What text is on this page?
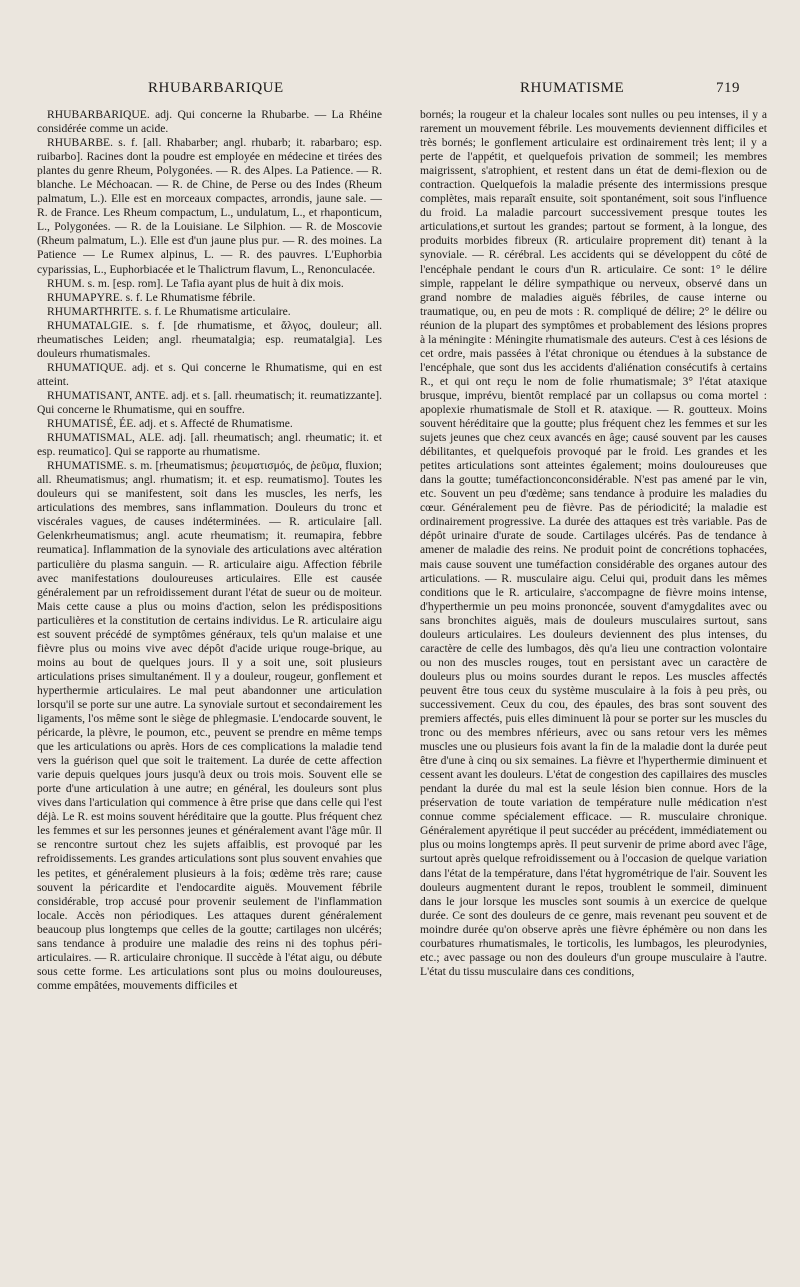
RHUBARBARIQUE	RHUMATISME	719

RHUBARBARIQUE. adj. Qui concerne la Rhubarbe. — La Rhéine considérée comme un acide.

RHUBARBE. s. f. [all. Rhabarber; angl. rhubarb; it. rabarbaro; esp. ruibarbo]. Racines dont la poudre est employée en médecine et tirées des plantes du genre Rheum, Polygonées. — R. des Alpes. La Patience. — R. blanche. Le Méchoacan. — R. de Chine, de Perse ou des Indes (Rheum palmatum, L.). Elle est en morceaux compactes, arrondis, jaune sale. — R. de France. Les Rheum compactum, L., undulatum, L., et rhaponticum, L., Polygonées. — R. de la Louisiane. Le Silphion. — R. de Moscovie (Rheum palmatum, L.). Elle est d'un jaune plus pur. — R. des moines. La Patience — Le Rumex alpinus, L. — R. des pauvres. L'Euphorbia cyparissias, L., Euphorbiacée et le Thalictrum flavum, L., Renonculacée.

RHUM. s. m. [esp. rom]. Le Tafia ayant plus de huit à dix mois.

RHUMAPYRE. s. f. Le Rhumatisme fébrile.

RHUMARTHRITE. s. f. Le Rhumatisme articulaire.

RHUMATALGIE. s. f. [de rhumatisme, et ἄλγος, douleur; all. rheumatisches Leiden; angl. rheumatalgia; esp. reumatalgia]. Les douleurs rhumatismales.

RHUMATIQUE. adj. et s. Qui concerne le Rhumatisme, qui en est atteint.

RHUMATISANT, ANTE. adj. et s. [all. rheumatisch; it. reumatizzante]. Qui concerne le Rhumatisme, qui en souffre.

RHUMATISÉ, ÉE. adj. et s. Affecté de Rhumatisme.

RHUMATISMAL, ALE. adj. [all. rheumatisch; angl. rheumatic; it. et esp. reumatico]. Qui se rapporte au rhumatisme.

RHUMATISME. s. m. [rheumatismus; ῥευματισμός, de ῥεῦμα, fluxion; all. Rheumatismus; angl. rhumatism; it. et esp. reumatismo]. Toutes les douleurs qui se manifestent, soit dans les muscles, les nerfs, les articulations des membres, sans inflammation. Douleurs du tronc et viscérales vagues, de causes indéterminées. — R. articulaire [all. Gelenkrheumatismus; angl. acute rheumatism; it. reumapira, febbre reumatica]. Inflammation de la synoviale des articulations avec altération particulière du plasma sanguin. — R. articulaire aigu. Affection fébrile avec manifestations douloureuses articulaires. Elle est causée généralement par un refroidissement durant l'état de sueur ou de moiteur. Mais cette cause a plus ou moins d'action, selon les prédispositions particulières et la constitution de certains individus. Le R. articulaire aigu est souvent précédé de symptômes généraux, tels qu'un malaise et une fièvre plus ou moins vive avec dépôt d'acide urique rouge-brique, au moins au bout de quelques jours. Il y a soit une, soit plusieurs articulations prises simultanément. Il y a douleur, rougeur, gonflement et hyperthermie articulaires. Le mal peut abandonner une articulation lorsqu'il se porte sur une autre. La synoviale surtout et secondairement les ligaments, l'os même sont le siège de phlegmasie. L'endocarde souvent, le péricarde, la plèvre, le poumon, etc., peuvent se prendre en même temps que les articulations ou après. Hors de ces complications la maladie tend vers la guérison quel que soit le traitement. La durée de cette affection varie depuis quelques jours jusqu'à deux ou trois mois. Souvent elle se porte d'une articulation à une autre; en général, les douleurs sont plus vives dans l'articulation qui commence à être prise que dans celle qui l'est déjà. Le R. est moins souvent héréditaire que la goutte. Plus fréquent chez les femmes et sur les personnes jeunes et généralement avant l'âge mûr. Il se rencontre surtout chez les sujets affaiblis, est provoqué par les refroidissements. Les grandes articulations sont plus souvent envahies que les petites, et généralement plusieurs à la fois; œdème très rare; cause souvent la péricardite et l'endocardite aiguës. Mouvement fébrile considérable, trop accusé pour provenir seulement de l'inflammation locale. Accès non périodiques. Les attaques durent généralement beaucoup plus longtemps que celles de la goutte; cartilages non ulcérés; sans tendance à produire une maladie des reins ni des tophus péri-articulaires. — R. articulaire chronique. Il succède à l'état aigu, ou débute sous cette forme. Les articulations sont plus ou moins douloureuses, comme empâtées, mouvements difficiles et

bornés; la rougeur et la chaleur locales sont nulles ou peu intenses, il y a rarement un mouvement fébrile. Les mouvements deviennent difficiles et très bornés; le gonflement articulaire est ordinairement très lent; il y a perte de l'appétit, et quelquefois privation de sommeil; les membres maigrissent, s'atrophient, et restent dans un état de demi-flexion ou de contraction. Quelquefois la maladie présente des intermissions presque complètes, mais reparaît ensuite, soit spontanément, soit sous l'influence du froid. La maladie parcourt successivement presque toutes les articulations,et surtout les grandes; partout se forment, à la longue, des produits morbides fibreux (R. articulaire proprement dit) tenant à la synoviale. — R. cérébral. Les accidents qui se développent du côté de l'encéphale pendant le cours d'un R. articulaire. Ce sont: 1° le délire simple, rappelant le délire sympathique ou nerveux, observé dans un grand nombre de maladies aiguës fébriles, de cause interne ou traumatique, ou, en peu de mots : R. compliqué de délire; 2° le délire ou réunion de la plupart des symptômes et probablement des lésions propres à la méningite : Méningite rhumatismale des auteurs. C'est à ces lésions de cet ordre, mais passées à l'état chronique ou étendues à la substance de l'encéphale, que sont dus les accidents d'aliénation consécutifs à certains R., et qui ont reçu le nom de folie rhumatismale; 3° l'état ataxique brusque, imprévu, bientôt remplacé par un collapsus ou coma mortel : apoplexie rhumatismale de Stoll et R. ataxique. — R. goutteux. Moins souvent héréditaire que la goutte; plus fréquent chez les femmes et sur les sujets jeunes que chez ceux avancés en âge; causé souvent par les causes débilitantes, et quelquefois provoqué par le froid. Les grandes et les petites articulations sont atteintes également; moins douloureuses que dans la goutte; tuméfactionconconsidérable. N'est pas amené par le vin, etc. Souvent un peu d'œdème; sans tendance à produire les maladies du cœur. Généralement peu de fièvre. Pas de périodicité; la maladie est ordinairement progressive. La durée des attaques est très variable. Pas de dépôt urinaire d'urate de soude. Cartilages ulcérés. Pas de tendance à amener de maladie des reins. Ne produit point de concrétions tophacées, mais cause souvent une tuméfaction considérable des organes autour des articulations. — R. musculaire aigu. Celui qui, produit dans les mêmes conditions que le R. articulaire, s'accompagne de fièvre moins intense, d'hyperthermie un peu moins prononcée, souvent d'amygdalites avec ou sans bronchites aiguës, mais de douleurs musculaires surtout, sans douleurs articulaires. Les douleurs deviennent des plus intenses, du caractère de celle des lumbagos, dès qu'a lieu une contraction volontaire ou non des muscles rouges, tout en persistant avec un caractère de douleurs plus ou moins sourdes durant le repos. Les muscles affectés peuvent être tous ceux du système musculaire à la fois à peu près, ou successivement. Ceux du cou, des épaules, des bras sont souvent des premiers affectés, puis elles diminuent là pour se porter sur les muscles du tronc ou des membres nférieurs, avec ou sans retour vers les mêmes muscles une ou plusieurs fois avant la fin de la maladie dont la durée peut être d'une à cinq ou six semaines. La fièvre et l'hyperthermie diminuent et cessent avant les douleurs. L'état de congestion des capillaires des muscles pendant la durée du mal est la seule lésion bien connue. Hors de la préservation de toute variation de température nulle médication n'est connue comme spécialement efficace. — R. musculaire chronique. Généralement apyrétique il peut succéder au précédent, immédiatement ou plus ou moins longtemps après. Il peut survenir de prime abord avec l'âge, surtout après quelque refroidissement ou à l'occasion de quelque variation dans l'état de la température, dans l'état hygrométrique de l'air. Souvent les douleurs augmentent durant le repos, troublent le sommeil, diminuent dans le jour lorsque les muscles sont soumis à un exercice de quelque durée. Ce sont des douleurs de ce genre, mais revenant peu souvent et de moindre durée qu'on observe après une fièvre éphémère ou non dans les courbatures rhumatismales, le torticolis, les lumbagos, les pleurodynies, etc.; avec passage ou non des douleurs d'un groupe musculaire à l'autre. L'état du tissu musculaire dans ces conditions,
